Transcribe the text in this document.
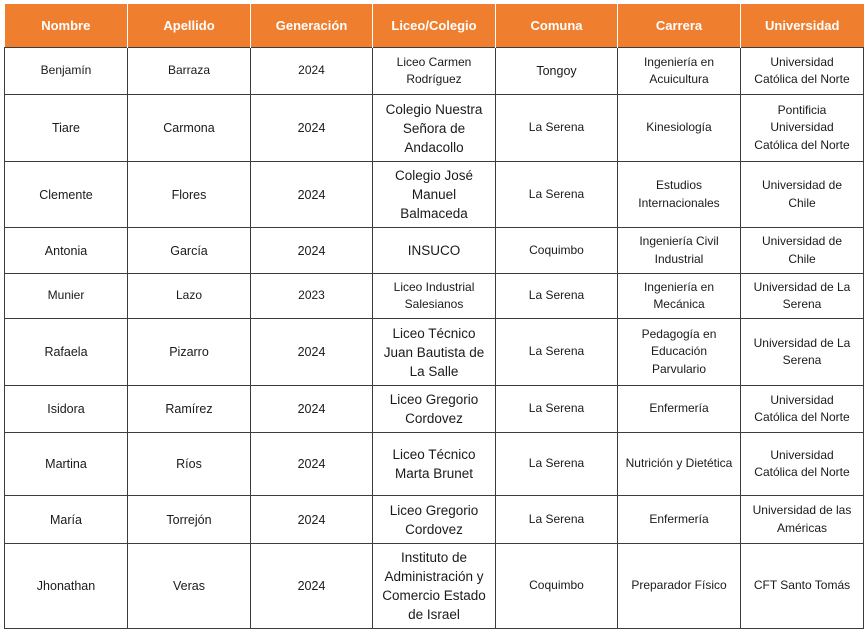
Nombre	Apellido	Generación	Liceo/Colegio	Comuna	Carrera	Universidad
Benjamín	Barraza	2024	Liceo Carmen Rodríguez	Tongoy	Ingeniería en Acuicultura	Universidad Católica del Norte
Tiare	Carmona	2024	Colegio Nuestra Señora de Andacollo	La Serena	Kinesiología	Pontificia Universidad Católica del Norte
Clemente	Flores	2024	Colegio José Manuel Balmaceda	La Serena	Estudios Internacionales	Universidad de Chile
Antonia	García	2024	INSUCO	Coquimbo	Ingeniería Civil Industrial	Universidad de Chile
Munier	Lazo	2023	Liceo Industrial Salesianos	La Serena	Ingeniería en Mecánica	Universidad de La Serena
Rafaela	Pizarro	2024	Liceo Técnico Juan Bautista de La Salle	La Serena	Pedagogía en Educación Parvulario	Universidad de La Serena
Isidora	Ramírez	2024	Liceo Gregorio Cordovez	La Serena	Enfermería	Universidad Católica del Norte
Martina	Ríos	2024	Liceo Técnico Marta Brunet	La Serena	Nutrición y Dietética	Universidad Católica del Norte
María	Torrejón	2024	Liceo Gregorio Cordovez	La Serena	Enfermería	Universidad de las Américas
Jhonathan	Veras	2024	Instituto de Administración y Comercio Estado de Israel	Coquimbo	Preparador Físico	CFT Santo Tomás
